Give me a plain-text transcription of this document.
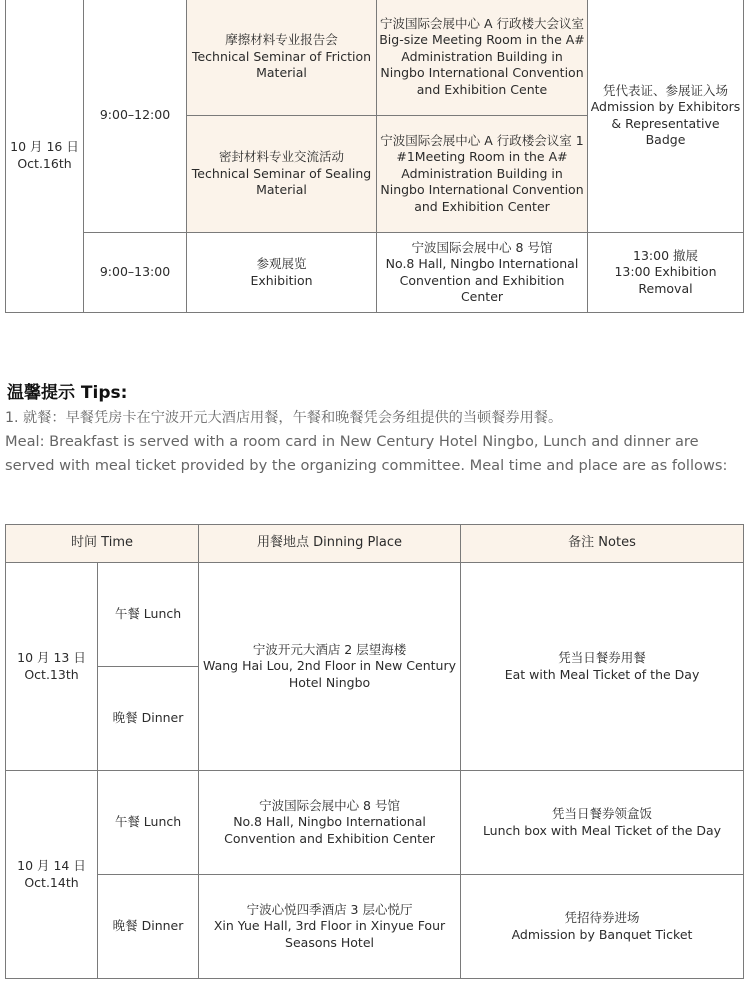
10 月 16 日
Oct.16th	9:00–12:00	摩擦材料专业报告会
Technical Seminar of Friction Material	宁波国际会展中心 A 行政楼大会议室
Big-size Meeting Room in the A# Administration Building in Ningbo International Convention and Exhibition Cente	凭代表证、参展证入场
Admission by Exhibitors & Representative Badge

		密封材料专业交流活动
Technical Seminar of Sealing Material	宁波国际会展中心 A 行政楼会议室 1
#1Meeting Room in the A# Administration Building in Ningbo International Convention and Exhibition Center	

	9:00–13:00	参观展览
Exhibition	宁波国际会展中心 8 号馆
No.8 Hall, Ningbo International Convention and Exhibition Center	13:00 撤展
13:00 Exhibition Removal
温馨提示 Tips:

1. 就餐：早餐凭房卡在宁波开元大酒店用餐，午餐和晚餐凭会务组提供的当顿餐券用餐。
Meal: Breakfast is served with a room card in New Century Hotel Ningbo, Lunch and dinner are served with meal ticket provided by the organizing committee. Meal time and place are as follows:

时间 Time		用餐地点 Dinning Place	备注 Notes

10 月 13 日
Oct.13th	午餐 Lunch	宁波开元大酒店 2 层望海楼
Wang Hai Lou, 2nd Floor in New Century Hotel Ningbo	凭当日餐券用餐
Eat with Meal Ticket of the Day

	晚餐 Dinner		

10 月 14 日
Oct.14th	午餐 Lunch	宁波国际会展中心 8 号馆
No.8 Hall, Ningbo International Convention and Exhibition Center	凭当日餐券领盒饭
Lunch box with Meal Ticket of the Day

	晚餐 Dinner	宁波心悦四季酒店 3 层心悦厅
Xin Yue Hall, 3rd Floor in Xinyue Four Seasons Hotel	凭招待券进场
Admission by Banquet Ticket
